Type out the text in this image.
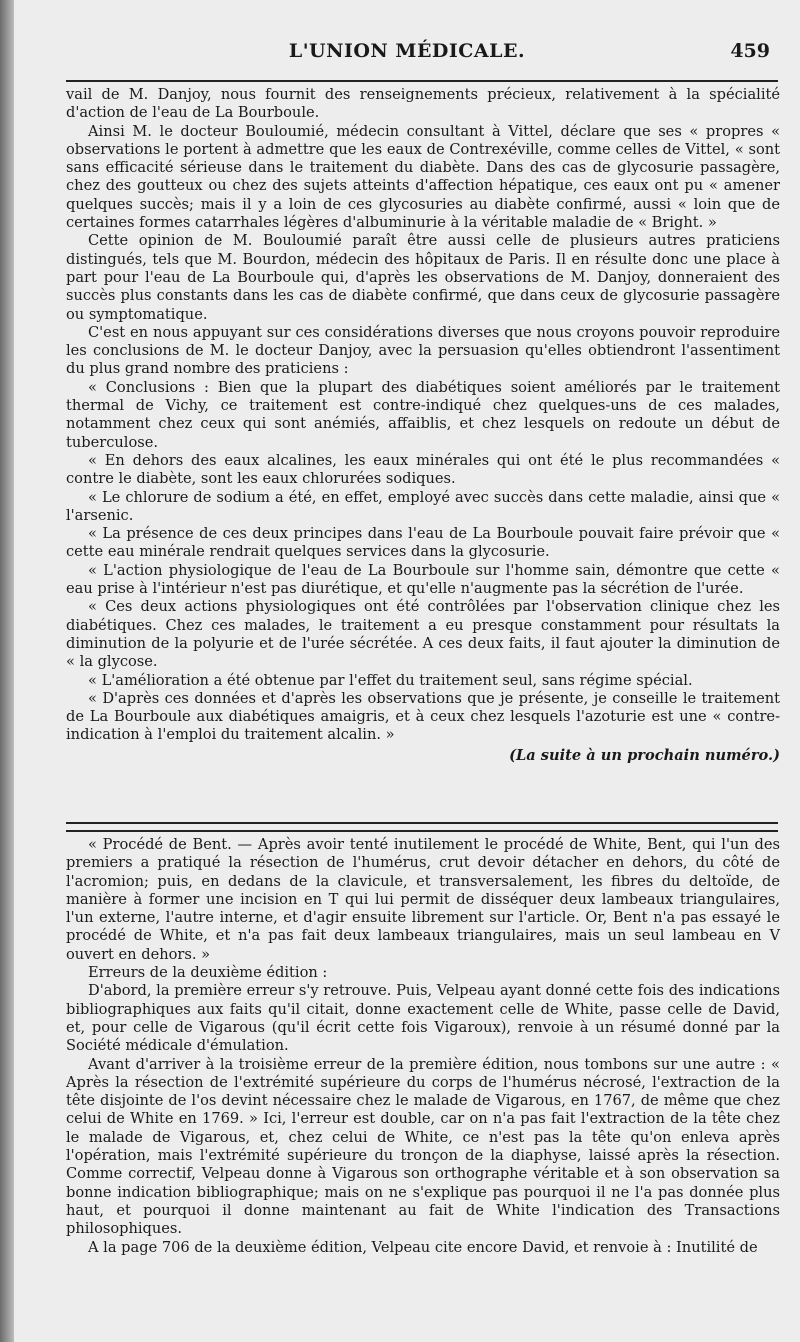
L'UNION MÉDICALE.	459

vail de M. Danjoy, nous fournit des renseignements précieux, relativement à la spécialité d'action de l'eau de La Bourboule.

Ainsi M. le docteur Bouloumié, médecin consultant à Vittel, déclare que ses « propres « observations le portent à admettre que les eaux de Contrexéville, comme celles de Vittel, « sont sans efficacité sérieuse dans le traitement du diabète. Dans des cas de glycosurie passagère, chez des goutteux ou chez des sujets atteints d'affection hépatique, ces eaux ont pu « amener quelques succès; mais il y a loin de ces glycosuries au diabète confirmé, aussi « loin que de certaines formes catarrhales légères d'albuminurie à la véritable maladie de « Bright. »

Cette opinion de M. Bouloumié paraît être aussi celle de plusieurs autres praticiens distingués, tels que M. Bourdon, médecin des hôpitaux de Paris. Il en résulte donc une place à part pour l'eau de La Bourboule qui, d'après les observations de M. Danjoy, donneraient des succès plus constants dans les cas de diabète confirmé, que dans ceux de glycosurie passagère ou symptomatique.

C'est en nous appuyant sur ces considérations diverses que nous croyons pouvoir reproduire les conclusions de M. le docteur Danjoy, avec la persuasion qu'elles obtiendront l'assentiment du plus grand nombre des praticiens :

« Conclusions : Bien que la plupart des diabétiques soient améliorés par le traitement thermal de Vichy, ce traitement est contre-indiqué chez quelques-uns de ces malades, notamment chez ceux qui sont anémiés, affaiblis, et chez lesquels on redoute un début de tuberculose.

« En dehors des eaux alcalines, les eaux minérales qui ont été le plus recommandées « contre le diabète, sont les eaux chlorurées sodiques.

« Le chlorure de sodium a été, en effet, employé avec succès dans cette maladie, ainsi que « l'arsenic.

« La présence de ces deux principes dans l'eau de La Bourboule pouvait faire prévoir que « cette eau minérale rendrait quelques services dans la glycosurie.

« L'action physiologique de l'eau de La Bourboule sur l'homme sain, démontre que cette « eau prise à l'intérieur n'est pas diurétique, et qu'elle n'augmente pas la sécrétion de l'urée.

« Ces deux actions physiologiques ont été contrôlées par l'observation clinique chez les diabétiques. Chez ces malades, le traitement a eu presque constamment pour résultats la diminution de la polyurie et de l'urée sécrétée. A ces deux faits, il faut ajouter la diminution de « la glycose.

« L'amélioration a été obtenue par l'effet du traitement seul, sans régime spécial.

« D'après ces données et d'après les observations que je présente, je conseille le traitement de La Bourboule aux diabétiques amaigris, et à ceux chez lesquels l'azoturie est une « contre-indication à l'emploi du traitement alcalin. »

(La suite à un prochain numéro.)

« Procédé de Bent. — Après avoir tenté inutilement le procédé de White, Bent, qui l'un des premiers a pratiqué la résection de l'humérus, crut devoir détacher en dehors, du côté de l'acromion; puis, en dedans de la clavicule, et transversalement, les fibres du deltoïde, de manière à former une incision en T qui lui permit de disséquer deux lambeaux triangulaires, l'un externe, l'autre interne, et d'agir ensuite librement sur l'article. Or, Bent n'a pas essayé le procédé de White, et n'a pas fait deux lambeaux triangulaires, mais un seul lambeau en V ouvert en dehors. »

Erreurs de la deuxième édition :

D'abord, la première erreur s'y retrouve. Puis, Velpeau ayant donné cette fois des indications bibliographiques aux faits qu'il citait, donne exactement celle de White, passe celle de David, et, pour celle de Vigarous (qu'il écrit cette fois Vigaroux), renvoie à un résumé donné par la Société médicale d'émulation.

Avant d'arriver à la troisième erreur de la première édition, nous tombons sur une autre : « Après la résection de l'extrémité supérieure du corps de l'humérus nécrosé, l'extraction de la tête disjointe de l'os devint nécessaire chez le malade de Vigarous, en 1767, de même que chez celui de White en 1769. » Ici, l'erreur est double, car on n'a pas fait l'extraction de la tête chez le malade de Vigarous, et, chez celui de White, ce n'est pas la tête qu'on enleva après l'opération, mais l'extrémité supérieure du tronçon de la diaphyse, laissé après la résection. Comme correctif, Velpeau donne à Vigarous son orthographe véritable et à son observation sa bonne indication bibliographique; mais on ne s'explique pas pourquoi il ne l'a pas donnée plus haut, et pourquoi il donne maintenant au fait de White l'indication des Transactions philosophiques.

A la page 706 de la deuxième édition, Velpeau cite encore David, et renvoie à : Inutilité de
